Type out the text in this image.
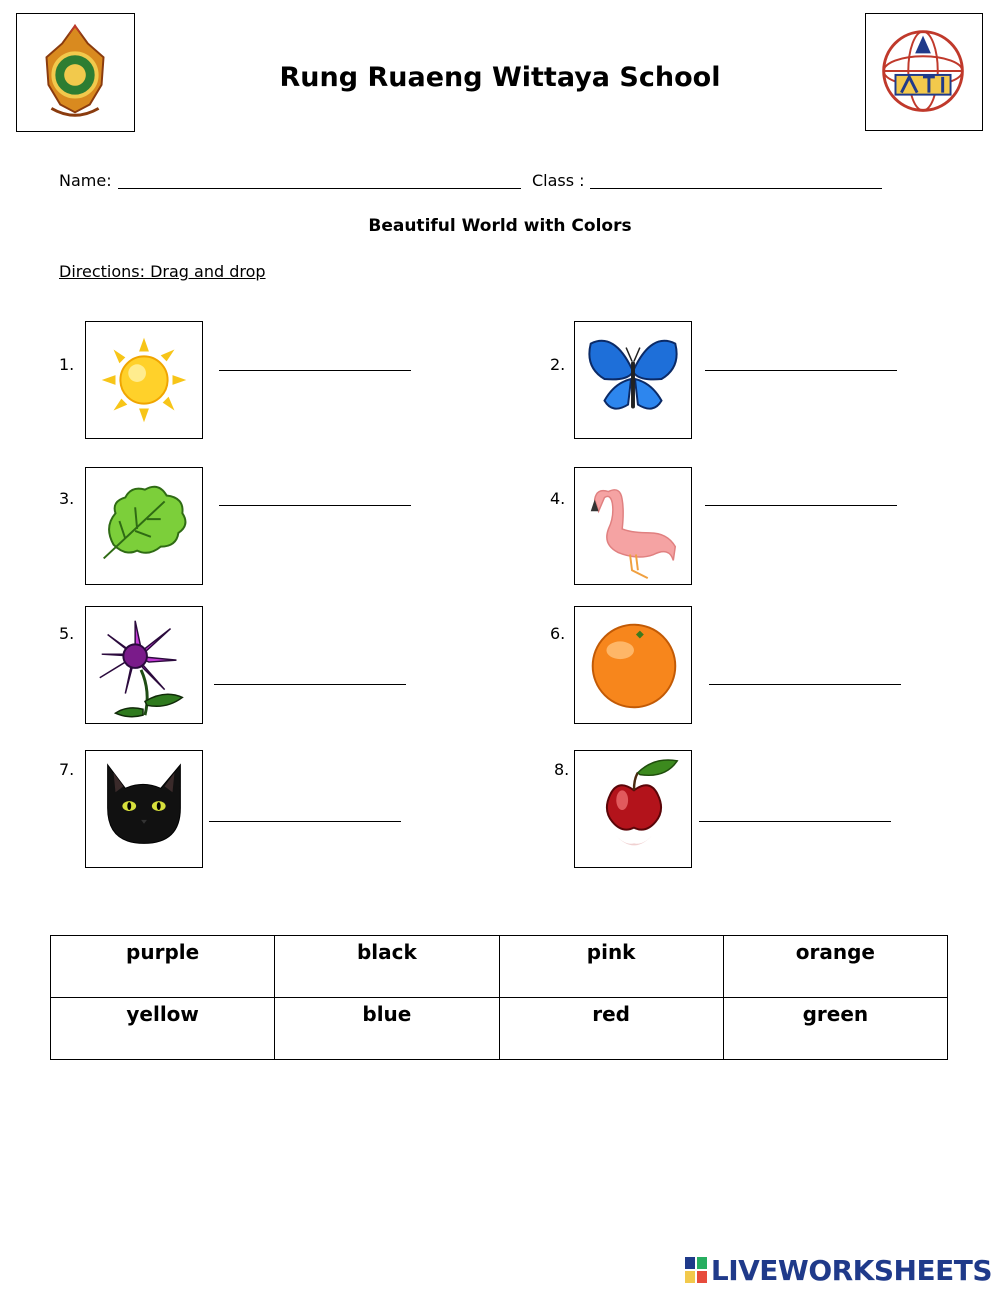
Rung Ruaeng Wittaya School
Name:	Class :
Beautiful World with Colors
Directions: Drag and drop
1.	2.
3.	4.
5.	6.
7.	8.
purple	black	pink	orange
yellow	blue	red	green
LIVEWORKSHEETS
